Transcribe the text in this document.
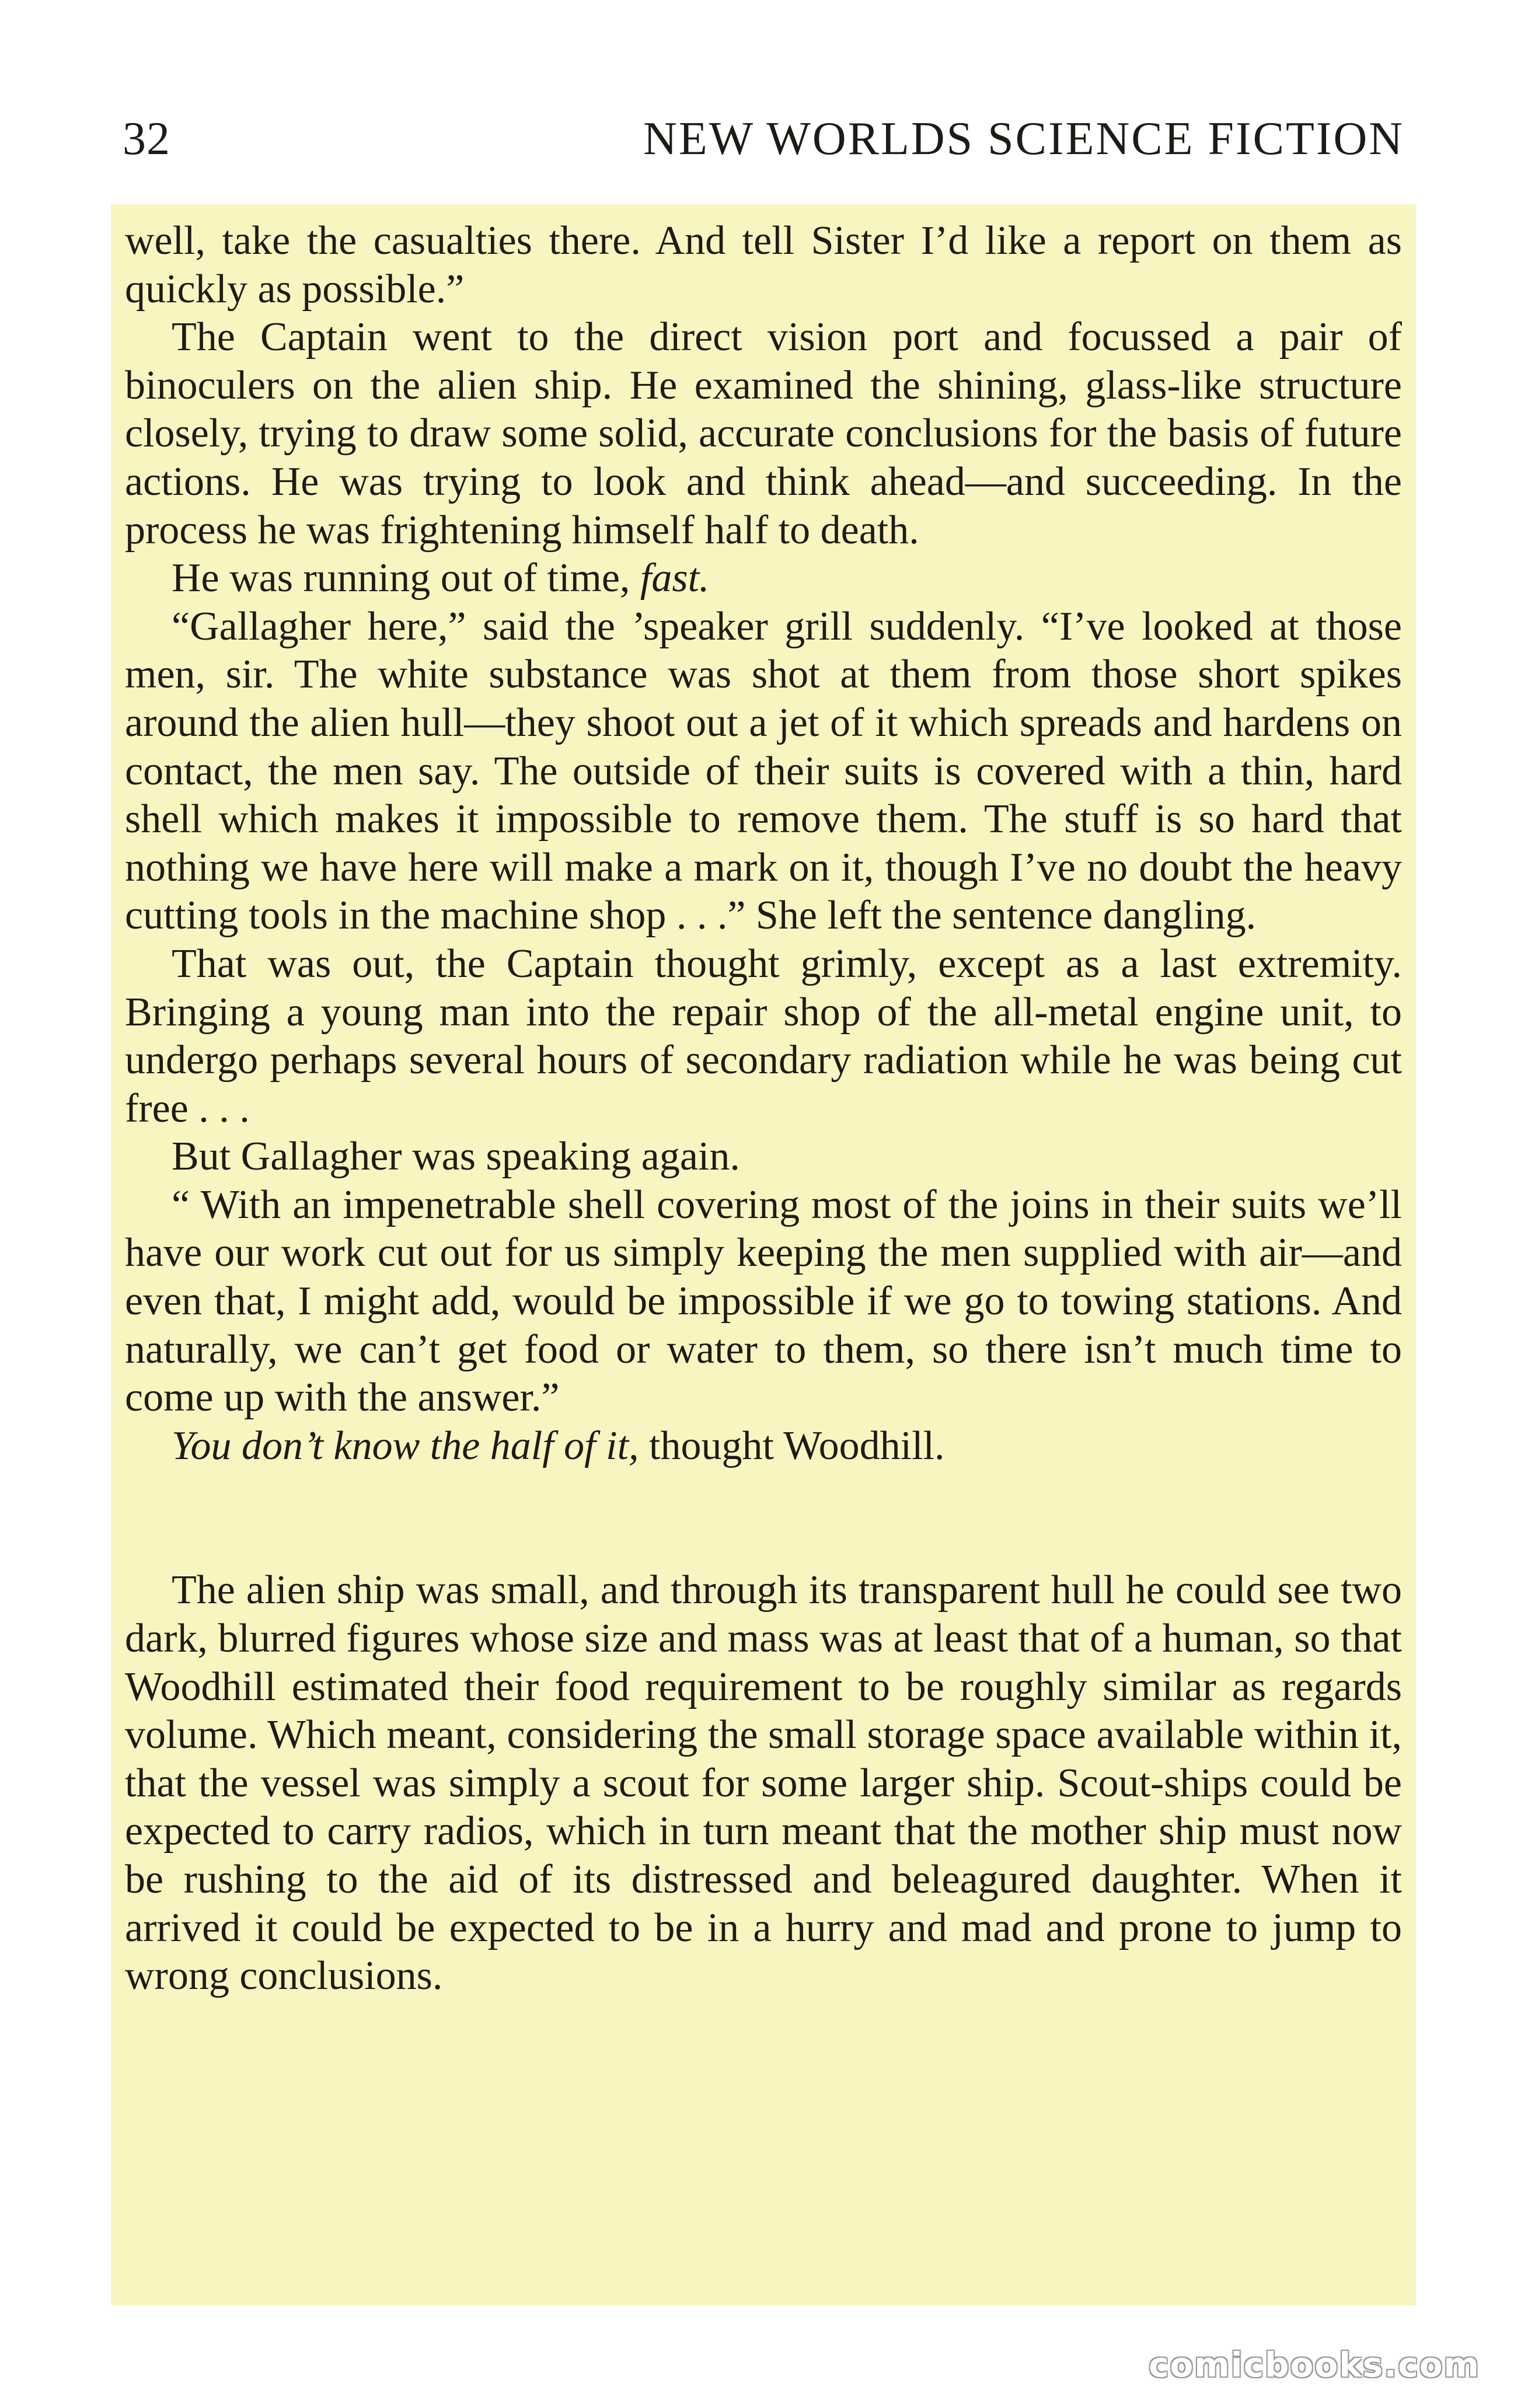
32	NEW WORLDS SCIENCE FICTION

well, take the casualties there. And tell Sister I’d like a report on them as quickly as possible.”

The Captain went to the direct vision port and focussed a pair of binoculers on the alien ship. He examined the shining, glass-like structure closely, trying to draw some solid, accurate conclusions for the basis of future actions. He was trying to look and think ahead—and succeeding. In the process he was frightening himself half to death.

He was running out of time, fast.

“Gallagher here,” said the ’speaker grill suddenly. “I’ve looked at those men, sir. The white substance was shot at them from those short spikes around the alien hull—they shoot out a jet of it which spreads and hardens on contact, the men say. The outside of their suits is covered with a thin, hard shell which makes it impossible to remove them. The stuff is so hard that nothing we have here will make a mark on it, though I’ve no doubt the heavy cutting tools in the machine shop . . .” She left the sentence dangling.

That was out, the Captain thought grimly, except as a last extremity. Bringing a young man into the repair shop of the all-metal engine unit, to undergo perhaps several hours of secondary radiation while he was being cut free . . .

But Gallagher was speaking again.

“ With an impenetrable shell covering most of the joins in their suits we’ll have our work cut out for us simply keeping the men supplied with air—and even that, I might add, would be impossible if we go to towing stations. And naturally, we can’t get food or water to them, so there isn’t much time to come up with the answer.”

You don’t know the half of it, thought Woodhill.

The alien ship was small, and through its transparent hull he could see two dark, blurred figures whose size and mass was at least that of a human, so that Woodhill estimated their food requirement to be roughly similar as regards volume. Which meant, considering the small storage space available within it, that the vessel was simply a scout for some larger ship. Scout-ships could be expected to carry radios, which in turn meant that the mother ship must now be rushing to the aid of its distressed and beleagured daughter. When it arrived it could be expected to be in a hurry and mad and prone to jump to wrong conclusions.

comicbooks.com
